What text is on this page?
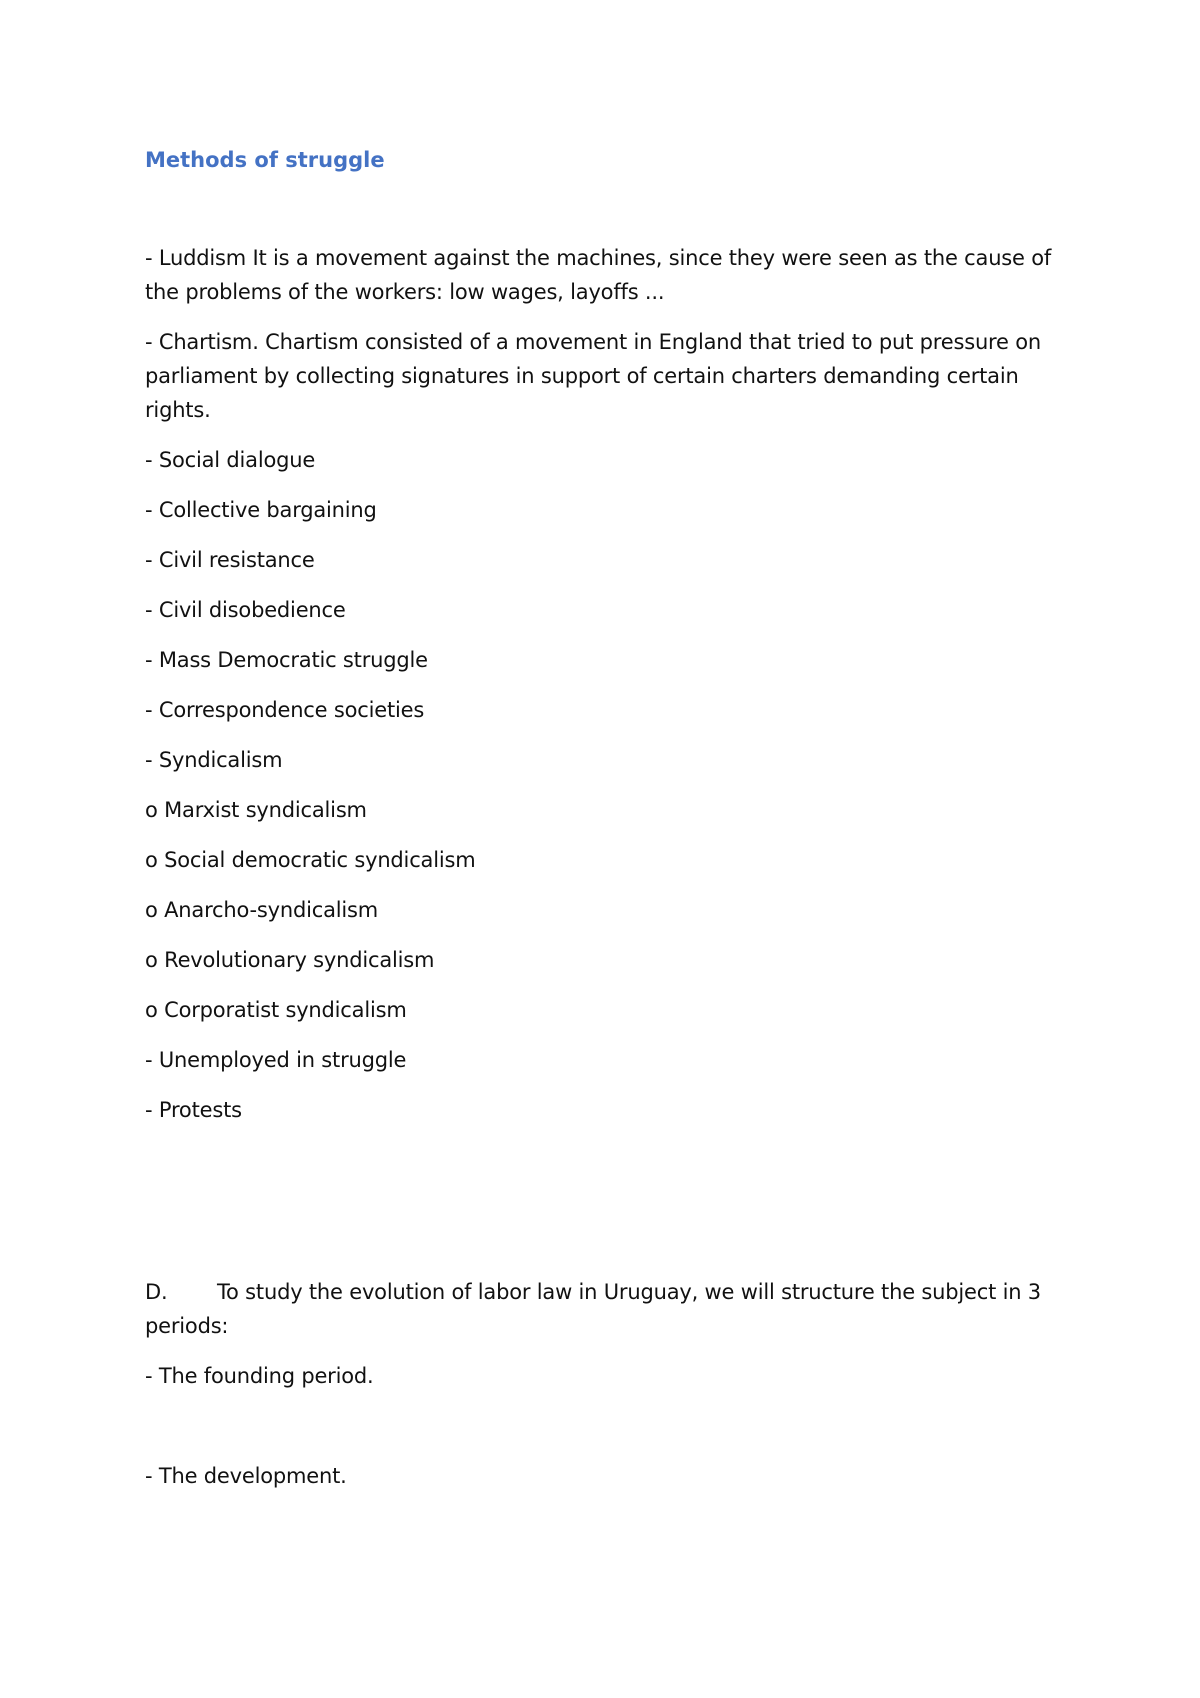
Methods of struggle

- Luddism It is a movement against the machines, since they were seen as the cause of the problems of the workers: low wages, layoffs ...

- Chartism. Chartism consisted of a movement in England that tried to put pressure on parliament by collecting signatures in support of certain charters demanding certain rights.

- Social dialogue

- Collective bargaining

- Civil resistance

- Civil disobedience

- Mass Democratic struggle

- Correspondence societies

- Syndicalism

o Marxist syndicalism

o Social democratic syndicalism

o Anarcho-syndicalism

o Revolutionary syndicalism

o Corporatist syndicalism

- Unemployed in struggle

- Protests

D. To study the evolution of labor law in Uruguay, we will structure the subject in 3 periods:

- The founding period.

- The development.
